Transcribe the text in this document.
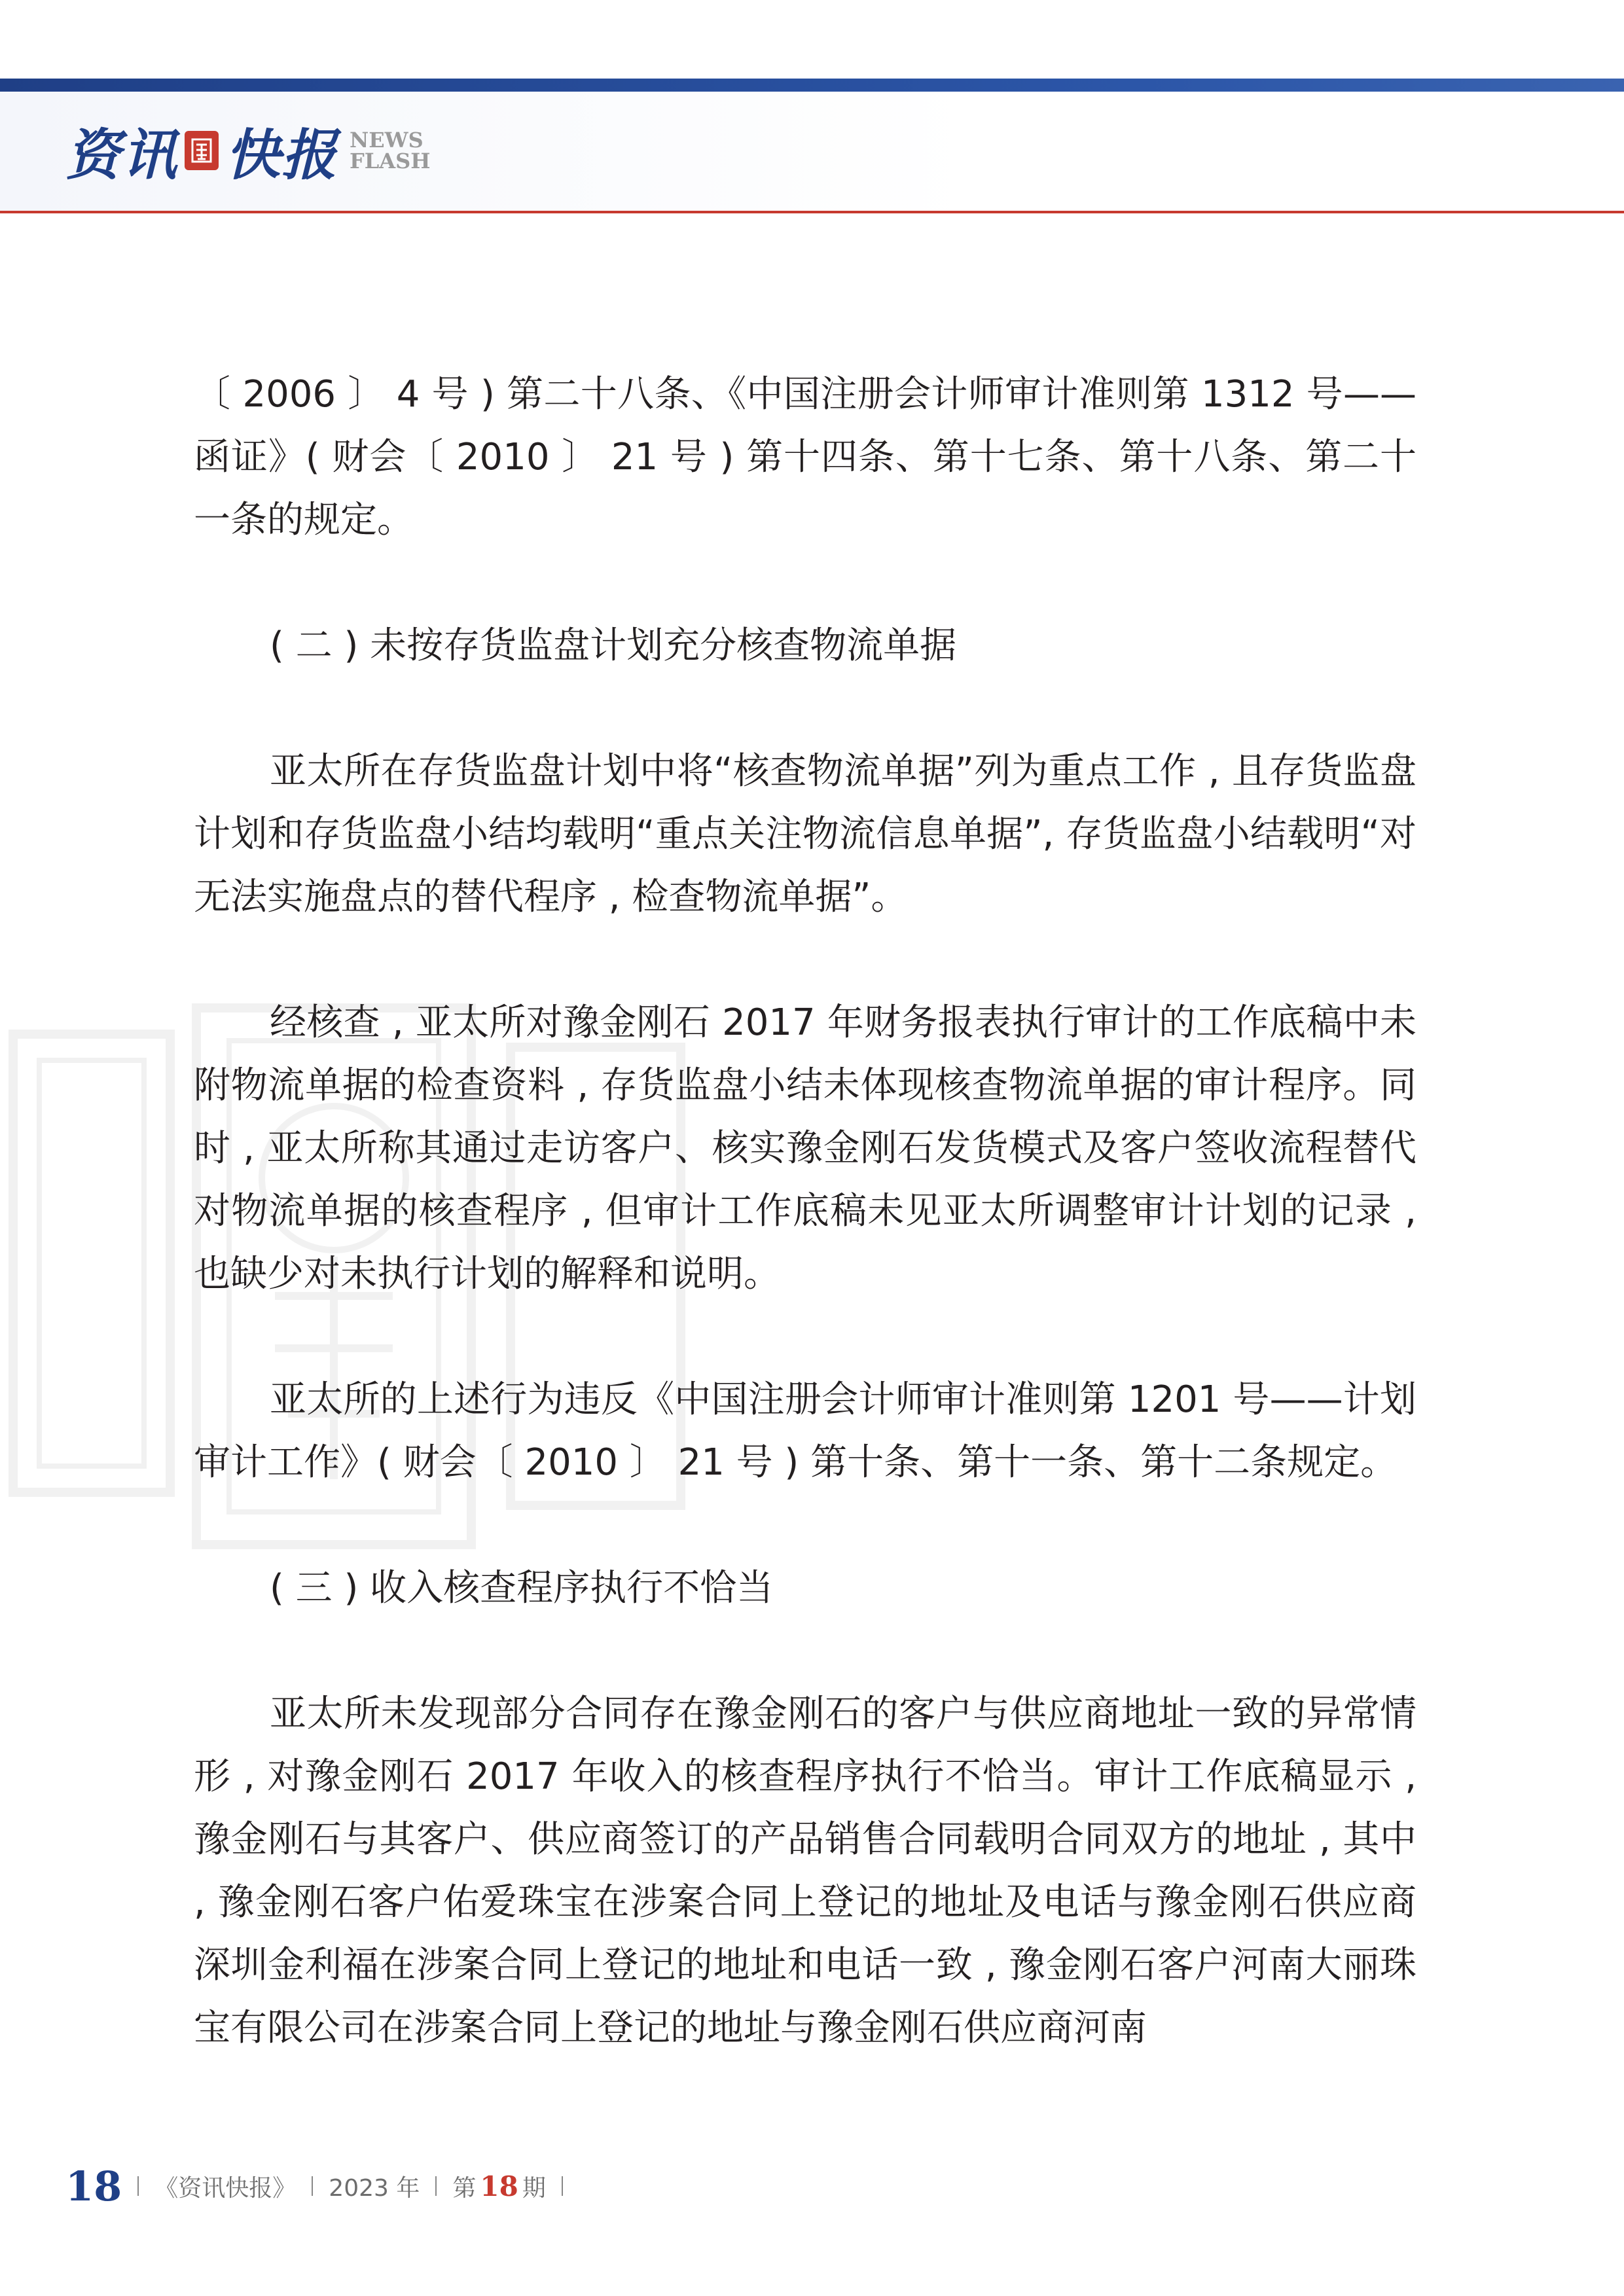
资讯 快报 NEWS
FLASH

〔 2006 〕 4 号 ) 第二十八条、《中国注册会计师审计准则第 1312 号——函证》( 财会〔 2010 〕 21 号 ) 第十四条、第十七条、第十八条、第二十一条的规定。

( 二 ) 未按存货监盘计划充分核查物流单据

亚太所在存货监盘计划中将“核查物流单据”列为重点工作 , 且存货监盘计划和存货监盘小结均载明“重点关注物流信息单据”, 存货监盘小结载明“对无法实施盘点的替代程序 , 检查物流单据”。

经核查 , 亚太所对豫金刚石 2017 年财务报表执行审计的工作底稿中未附物流单据的检查资料 , 存货监盘小结未体现核查物流单据的审计程序。同时 , 亚太所称其通过走访客户、核实豫金刚石发货模式及客户签收流程替代对物流单据的核查程序 , 但审计工作底稿未见亚太所调整审计计划的记录 , 也缺少对未执行计划的解释和说明。

亚太所的上述行为违反《中国注册会计师审计准则第 1201 号——计划审计工作》( 财会〔 2010 〕 21 号 ) 第十条、第十一条、第十二条规定。

( 三 ) 收入核查程序执行不恰当

亚太所未发现部分合同存在豫金刚石的客户与供应商地址一致的异常情形 , 对豫金刚石 2017 年收入的核查程序执行不恰当。审计工作底稿显示 , 豫金刚石与其客户、供应商签订的产品销售合同载明合同双方的地址 , 其中 , 豫金刚石客户佑爱珠宝在涉案合同上登记的地址及电话与豫金刚石供应商深圳金利福在涉案合同上登记的地址和电话一致 , 豫金刚石客户河南大丽珠宝有限公司在涉案合同上登记的地址与豫金刚石供应商河南

18 《资讯快报》 2023 年 第 18 期
